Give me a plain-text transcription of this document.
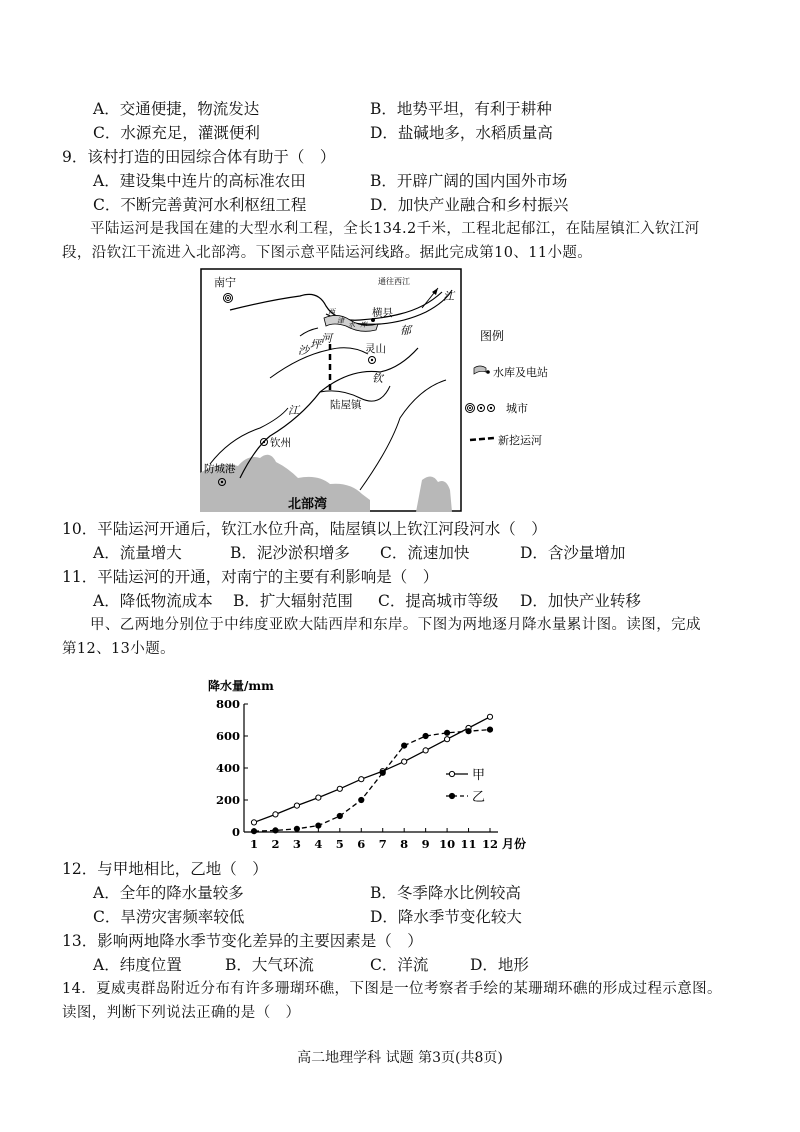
A．交通便捷，物流发达	B．地势平坦，有利于耕种
C．水源充足，灌溉便利	D．盐碱地多，水稻质量高
9．该村打造的田园综合体有助于（　）
A．建设集中连片的高标准农田	B．开辟广阔的国内国外市场
C．不断完善黄河水利枢纽工程	D．加快产业融合和乡村振兴
平陆运河是我国在建的大型水利工程，全长134.2千米，工程北起郁江，在陆屋镇汇入钦江河
段，沿钦江干流进入北部湾。下图示意平陆运河线路。据此完成第10、11小题。
南宁	通往西江
江
横县
郁
西
津 水 库
沙 坪 河
灵山
钦
江	陆屋镇
钦州
防城港
北部湾
图例
水库及电站
城市
新挖运河
10．平陆运河开通后，钦江水位升高，陆屋镇以上钦江河段河水（　）
A．流量增大	B．泥沙淤积增多 C．流速加快	D．含沙量增加
11．平陆运河的开通，对南宁的主要有利影响是（　）
A．降低物流成本 B．扩大辐射范围 C．提高城市等级 D．加快产业转移
甲、乙两地分别位于中纬度亚欧大陆西岸和东岸。下图为两地逐月降水量累计图。读图，完成
第12、13小题。
降水量/mm
月份
0
200
400
600
800
1 2 3 4 5 6 7 8 9 10 11 12
甲
乙
12．与甲地相比，乙地（　）
A．全年的降水量较多	B．冬季降水比例较高
C．旱涝灾害频率较低	D．降水季节变化较大
13．影响两地降水季节变化差异的主要因素是（　）
A．纬度位置	B．大气环流	C．洋流	D．地形
14．夏威夷群岛附近分布有许多珊瑚环礁，下图是一位考察者手绘的某珊瑚环礁的形成过程示意图。
读图，判断下列说法正确的是（　）
高二地理学科 试题 第3页(共8页)
